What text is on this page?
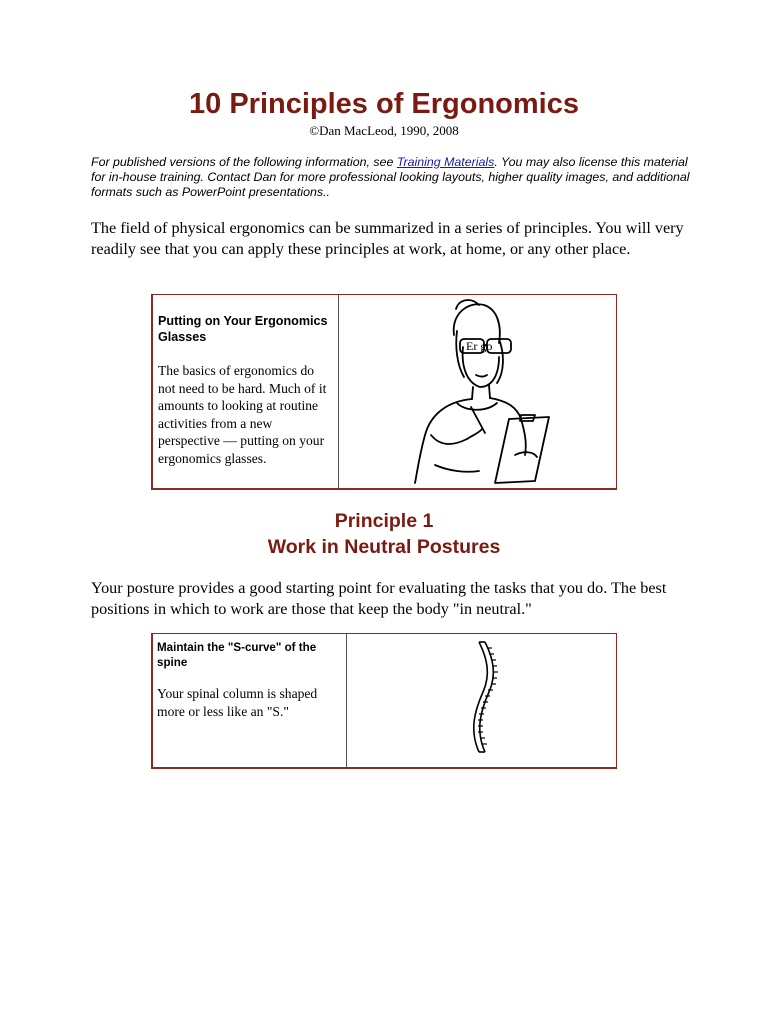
10 Principles of Ergonomics
©Dan MacLeod, 1990, 2008

For published versions of the following information, see Training Materials. You may also license this material for in-house training. Contact Dan for more professional looking layouts, higher quality images, and additional formats such as PowerPoint presentations..

The field of physical ergonomics can be summarized in a series of principles. You will very readily see that you can apply these principles at work, at home, or any other place.

Putting on Your Ergonomics Glasses

The basics of ergonomics do not need to be hard. Much of it amounts to looking at routine activities from a new perspective — putting on your ergonomics glasses.

Er go
Principle 1
Work in Neutral Postures

Your posture provides a good starting point for evaluating the tasks that you do. The best positions in which to work are those that keep the body "in neutral."

Maintain the "S-curve" of the spine

Your spinal column is shaped more or less like an "S."
